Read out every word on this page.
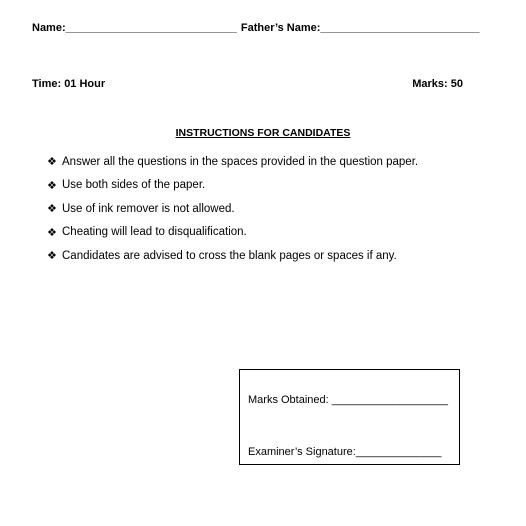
Name:____________________________ Father’s Name:__________________________
Time: 01 Hour	Marks: 50
INSTRUCTIONS FOR CANDIDATES
❖ Answer all the questions in the spaces provided in the question paper.
❖ Use both sides of the paper.
❖ Use of ink remover is not allowed.
❖ Cheating will lead to disqualification.
❖ Candidates are advised to cross the blank pages or spaces if any.
Marks Obtained: ___________________
Examiner’s Signature:______________
